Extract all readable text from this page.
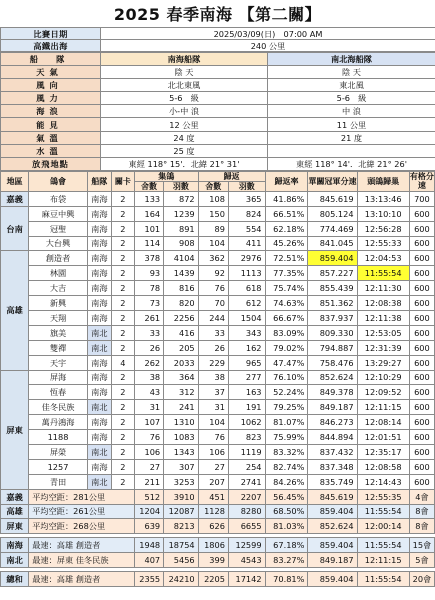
2025 春季南海 【第二關】
比賽日期	2025/03/09(日)　07:00 AM
高鐵出海	240 公里
船　隊	南海船隊	南北海船隊
天氣	陰 天	陰 天
風向	北北東風	東北風
風力	5-6　級	5-6　級
海浪	小-中 浪	中 浪
能見	12 公里	11 公里
氣溫	24 度	21 度
水溫	25 度	
放飛地點	東經 118° 15'．北緯 21° 31'	東經 118° 14'．北緯 21° 26'
地區	鴿會	船隊	關卡	集鴿		歸返		歸返率	單關冠軍分速	頭鴿歸巢	有格分速
				舍數	羽數	舍數	羽數				
嘉義	布袋	南海	2	133	872	108	365	41.86%	845.619	13:13:46	700
台南	麻豆中興	南海	2	164	1239	150	824	66.51%	805.124	13:10:10	600
	冠聖	南海	2	101	891	89	554	62.18%	774.469	12:56:28	600
	大台興	南海	2	114	908	104	411	45.26%	841.045	12:55:33	600
高雄	創造者	南海	2	378	4104	362	2976	72.51%	859.404	12:04:53	600
	林園	南海	2	93	1439	92	1113	77.35%	857.227	11:55:54	600
	大吉	南海	2	78	816	76	618	75.74%	855.439	12:11:30	600
	新興	南海	2	73	820	70	612	74.63%	851.362	12:08:38	600
	天翔	南海	2	261	2256	244	1504	66.67%	837.937	12:11:38	600
	旗美	南北	2	33	416	33	343	83.09%	809.330	12:53:05	600
	雙禪	南北	2	26	205	26	162	79.02%	794.887	12:31:39	600
	天宇	南海	4	262	2033	229	965	47.47%	758.476	13:29:27	600
屏東	屏海	南海	2	38	364	38	277	76.10%	852.624	12:10:29	600
	恆春	南海	2	43	312	37	163	52.24%	849.378	12:09:52	600
	佳冬民族	南北	2	31	241	31	191	79.25%	849.187	12:11:15	600
	萬丹鴻海	南海	2	107	1310	104	1062	81.07%	846.273	12:08:14	600
	1188	南海	2	76	1083	76	823	75.99%	844.894	12:01:51	600
	屏榮	南北	2	106	1343	106	1119	83.32%	837.432	12:35:17	600
	1257	南海	2	27	307	27	254	82.74%	837.348	12:08:58	600
	青田	南北	2	211	3253	207	2741	84.26%	835.749	12:14:43	600
嘉義	平均空距：281公里			512	3910	451	2207	56.45%	845.619	12:55:35	4會
高雄	平均空距：261公里			1204	12087	1128	8280	68.50%	859.404	11:55:54	8會
屏東	平均空距：268公里			639	8213	626	6655	81.03%	852.624	12:00:14	8會

南海	最速：高雄 創造者			1948	18754	1806	12599	67.18%	859.404	11:55:54	15會
南北	最速：屏東 佳冬民族			407	5456	399	4543	83.27%	849.187	12:11:15	5會

總和	最速：高雄 創造者			2355	24210	2205	17142	70.81%	859.404	11:55:54	20會
